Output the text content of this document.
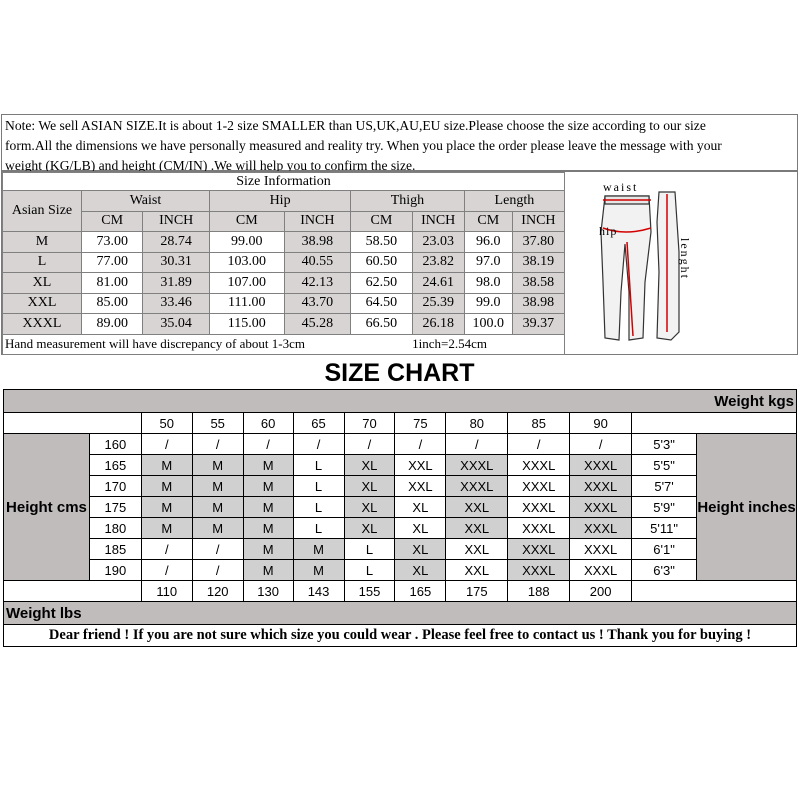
Note: We sell ASIAN SIZE.It is about 1-2 size SMALLER than US,UK,AU,EU size.Please choose the size according to our size
form.All the dimensions we have personally measured and reality try. When you place the order please leave the message with your
weight (KG/LB) and height (CM/IN) .We will help you to confirm the size.
Size Information								
Asian Size	Waist		Hip		Thigh		Length	
	CM	INCH	CM	INCH	CM	INCH	CM	INCH
M	73.00	28.74	99.00	38.98	58.50	23.03	96.0	37.80
L	77.00	30.31	103.00	40.55	60.50	23.82	97.0	38.19
XL	81.00	31.89	107.00	42.13	62.50	24.61	98.0	38.58
XXL	85.00	33.46	111.00	43.70	64.50	25.39	99.0	38.98
XXXL	89.00	35.04	115.00	45.28	66.50	26.18	100.0	39.37
Hand measurement will have discrepancy of about 1-3cm						1inch=2.54cm		
waist
hip
lenght
SIZE CHART
Weight kgs												
		50	55	60	65	70	75	80	85	90		
Height cms	160	/	/	/	/	/	/	/	/	/	5'3"	Height inches
	165	M	M	M	L	XL	XXL	XXXL	XXXL	XXXL	5'5"	
	170	M	M	M	L	XL	XXL	XXXL	XXXL	XXXL	5'7'	
	175	M	M	M	L	XL	XL	XXL	XXXL	XXXL	5'9"	
	180	M	M	M	L	XL	XL	XXL	XXXL	XXXL	5'11"	
	185	/	/	M	M	L	XL	XXL	XXXL	XXXL	6'1"	
	190	/	/	M	M	L	XL	XXL	XXXL	XXXL	6'3"	
		110	120	130	143	155	165	175	188	200		
Weight lbs												
Dear friend ! If you are not sure which size you could wear . Please feel free to contact us ! Thank you for buying !
